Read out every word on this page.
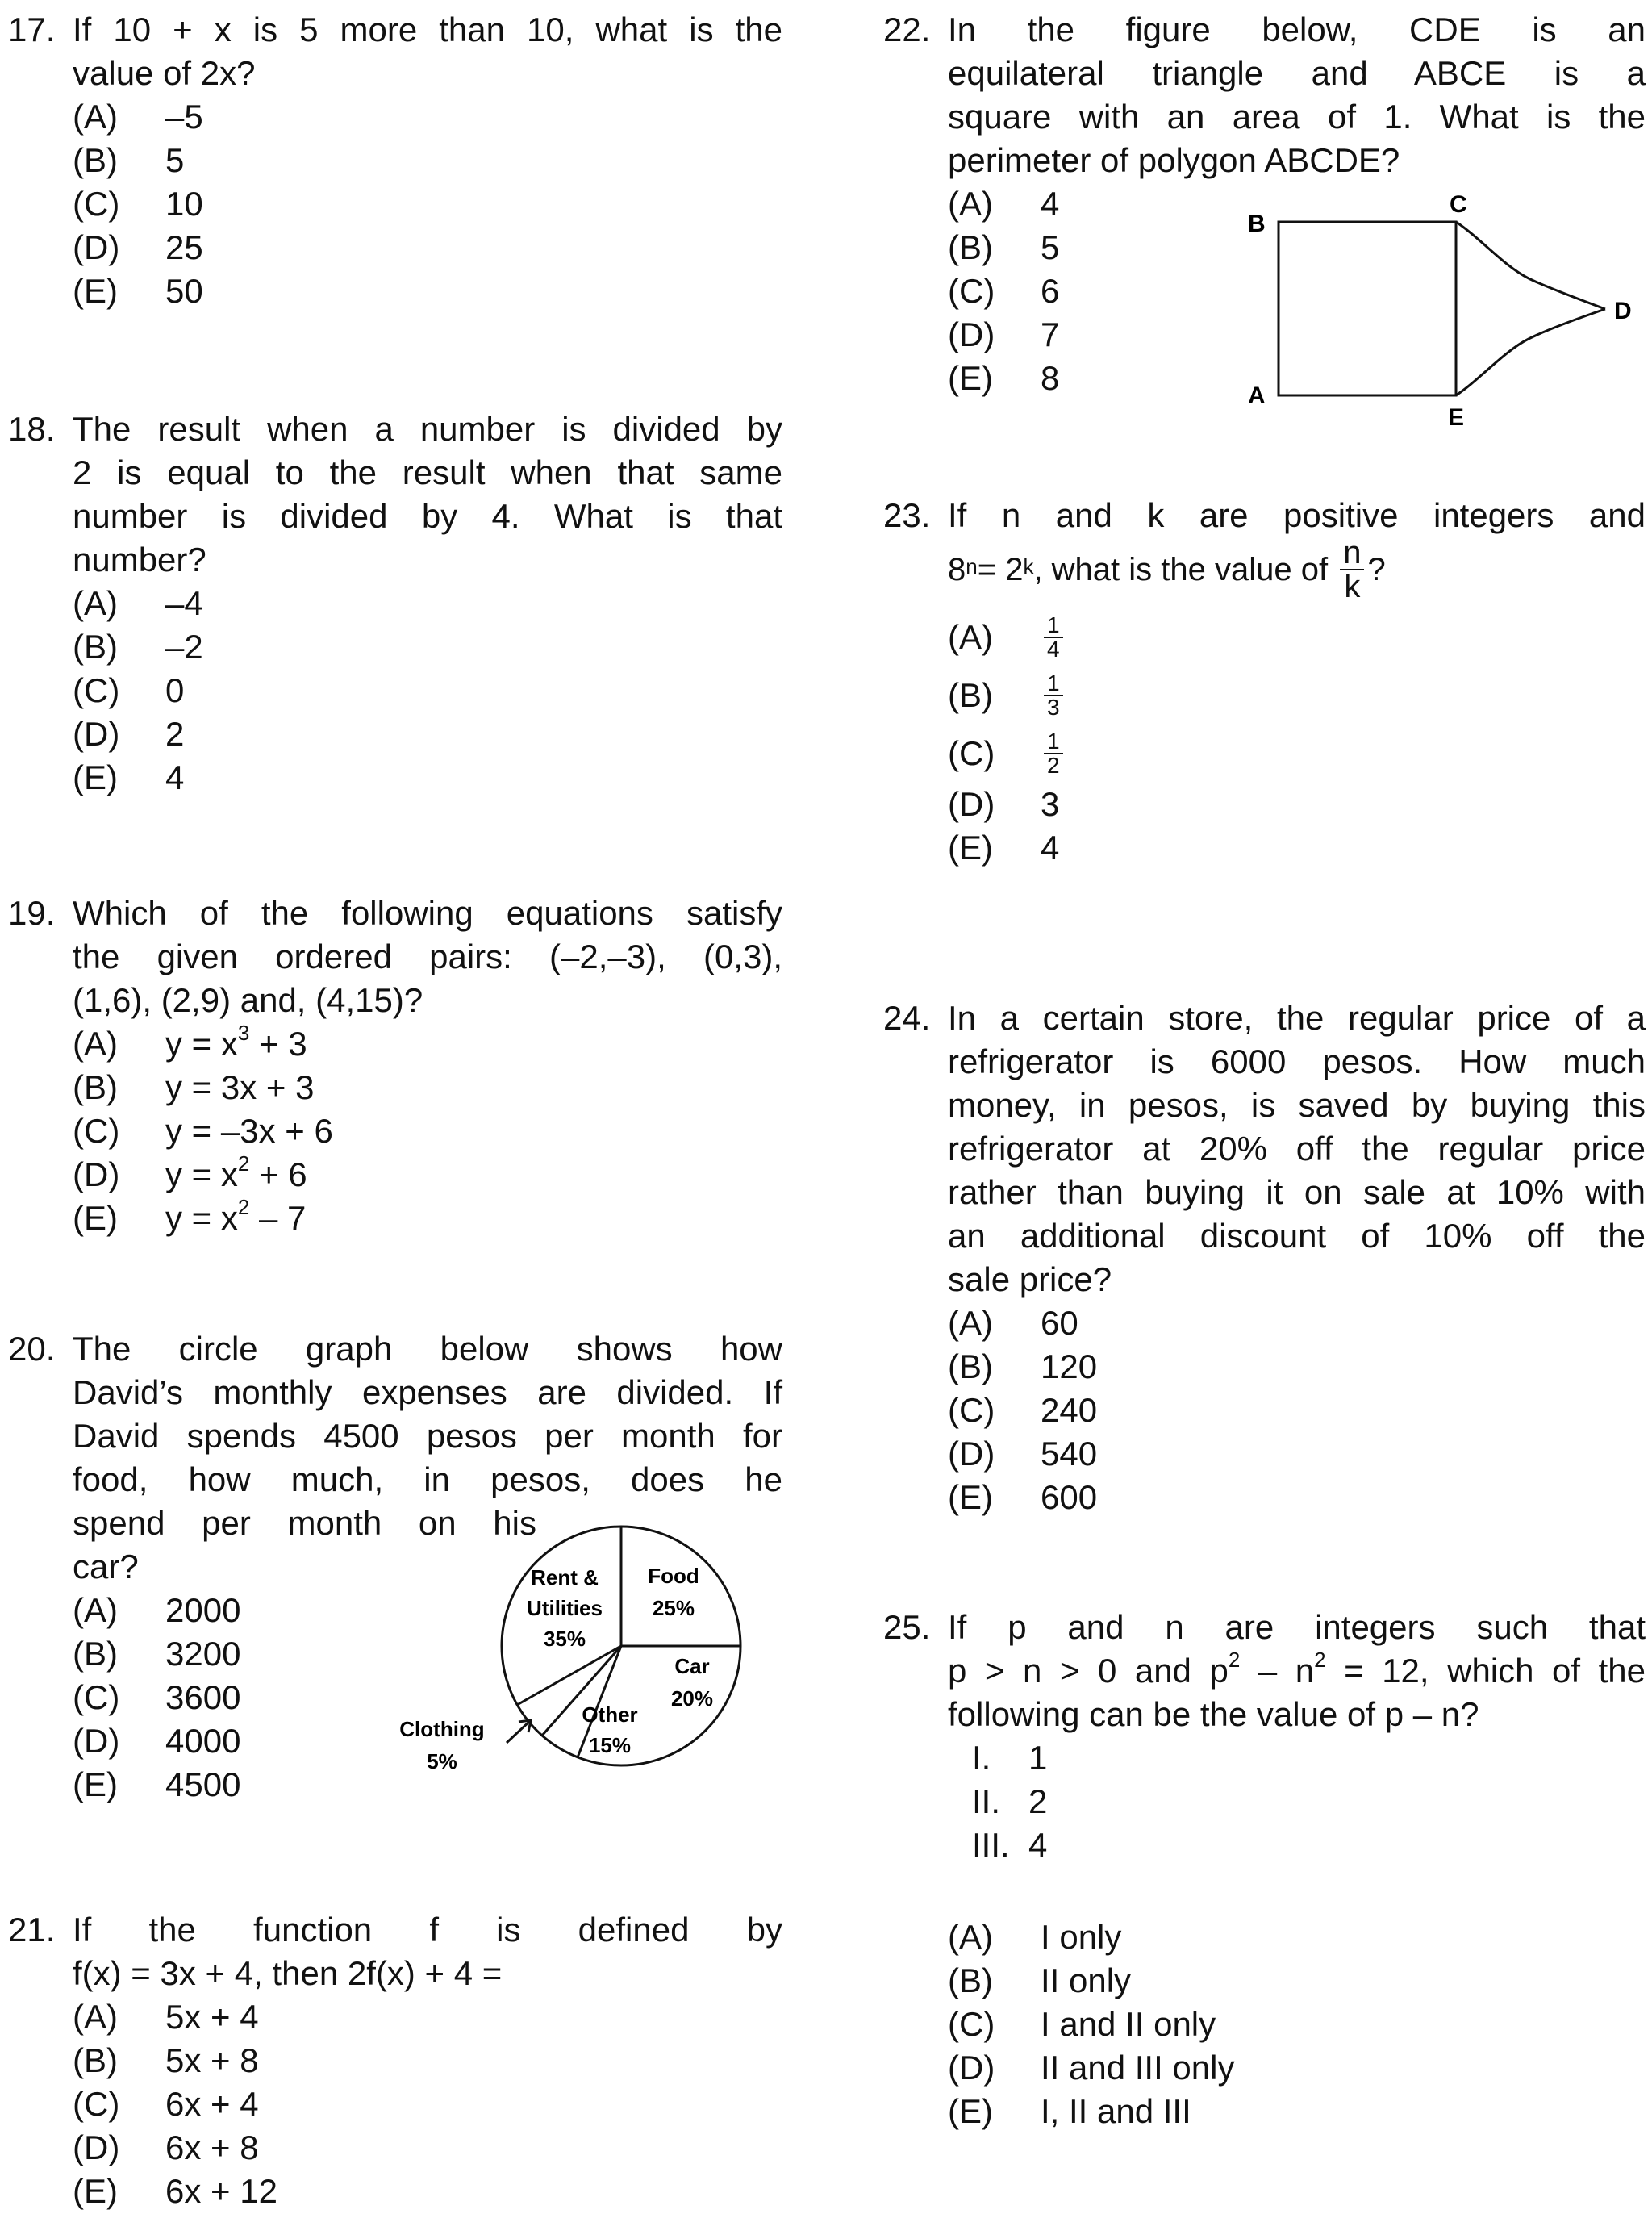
17. If 10 + x is 5 more than 10, what is the
value of 2x?
(A)	–5
(B)	5
(C)	10
(D)	25
(E)	50
18. The result when a number is divided by
2 is equal to the result when that same
number is divided by 4. What is that
number?
(A)	–4
(B)	–2
(C)	0
(D)	2
(E)	4
19. Which of the following equations satisfy
the given ordered pairs: (–2,–3), (0,3),
(1,6), (2,9) and, (4,15)?
(A)	$y = x^3 + 3$
(B)	y = 3x + 3
(C)	y = –3x + 6
(D)	$y = x^2 + 6$
(E)	$y = x^2 - 7$
20. The circle graph below shows how
David’s monthly expenses are divided. If
David spends 4500 pesos per month for
food, how much, in pesos, does he
spend per month on his
car?
(A)	2000
(B)	3200
(C)	3600
(D)	4000
(E)	4500
Rent &
Utilities
35%
Food
25%
Car
20%
Other
15%
Clothing
5%
21. If the function f is defined by
f(x) = 3x + 4, then 2f(x) + 4 =
(A)	5x + 4
(B)	5x + 8
(C)	6x + 4
(D)	6x + 8
(E)	6x + 12
22. In the figure below, CDE is an
equilateral triangle and ABCE is a
square with an area of 1. What is the
perimeter of polygon ABCDE?
(A)	4
(B)	5
(C)	6
(D)	7
(E)	8
B
C
D
A
E
23. If n and k are positive integers and
$8^n = 2^k$ , what is the value of $\frac{n}{k}$ ?
(A)	$\frac{1}{4}$
(B)	$\frac{1}{3}$
(C)	$\frac{1}{2}$
(D)	3
(E)	4
24. In a certain store, the regular price of a
refrigerator is 6000 pesos. How much
money, in pesos, is saved by buying this
refrigerator at 20% off the regular price
rather than buying it on sale at 10% with
an additional discount of 10% off the
sale price?
(A)	60
(B)	120
(C)	240
(D)	540
(E)	600
25. If p and n are integers such that
p > n > 0 and $p^2 - n^2 = 12$, which of the
following can be the value of p – n?
I.	1
II. 2
III. 4
(A)	I only
(B)	II only
(C)	I and II only
(D)	II and III only
(E)	I, II and III
